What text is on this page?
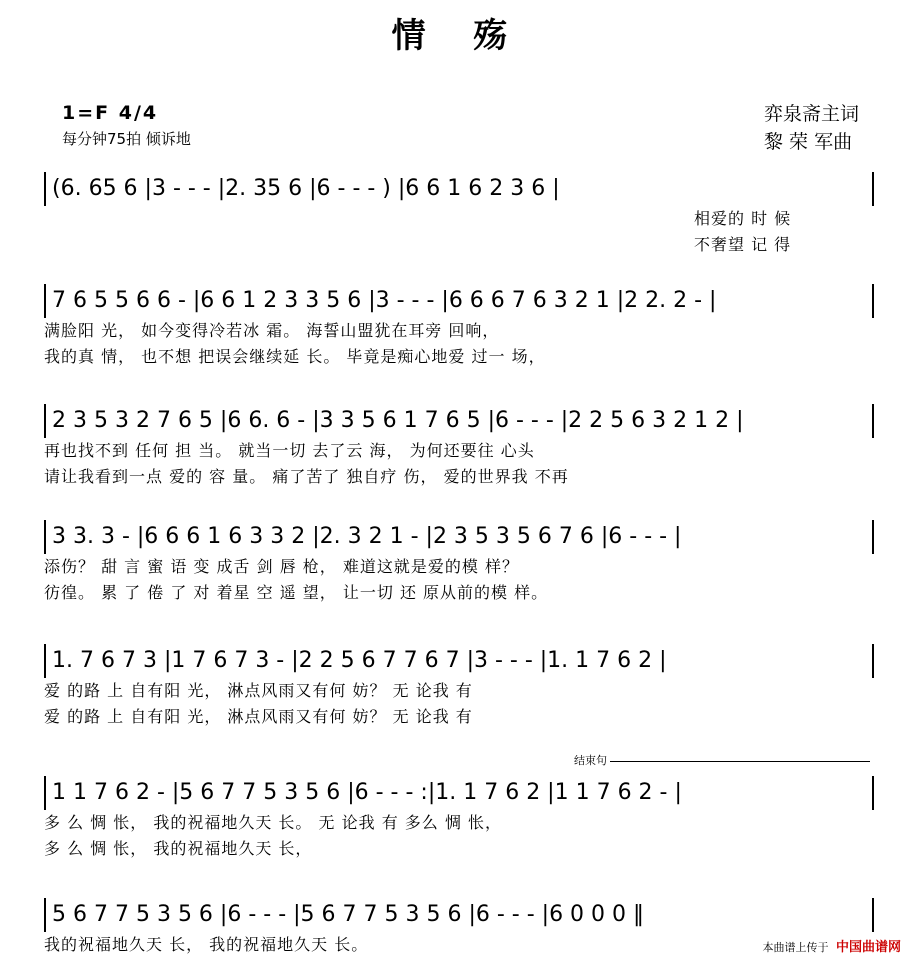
情 殇
1=F 4/4
每分钟75拍 倾诉地
弈泉斋主词
黎 荣 军曲
(6. 65 6 |3 - - - |2. 35 6 |6 - - - ) |6 6 1 6 2 3 6 |
相爱的 时 候
不奢望 记 得
7 6 5 5 6 6 - |6 6 1 2 3 3 5 6 |3 - - - |6 6 6 7 6 3 2 1 |2 2. 2 - |
满脸阳 光， 如今变得冷若冰 霜。 海誓山盟犹在耳旁 回响，
我的真 情， 也不想 把误会继续延 长。 毕竟是痴心地爱 过一 场，
2 3 5 3 2 7 6 5 |6 6. 6 - |3 3 5 6 1 7 6 5 |6 - - - |2 2 5 6 3 2 1 2 |
再也找不到 任何 担 当。 就当一切 去了云 海， 为何还要往 心头
请让我看到一点 爱的 容 量。 痛了苦了 独自疗 伤， 爱的世界我 不再
3 3. 3 - |6 6 6 1 6 3 3 2 |2. 3 2 1 - |2 3 5 3 5 6 7 6 |6 - - - |
添伤？ 甜 言 蜜 语 变 成舌 剑 唇 枪， 难道这就是爱的模 样？
彷徨。 累 了 倦 了 对 着星 空 遥 望， 让一切 还 原从前的模 样。
1. 7 6 7 3 |1 7 6 7 3 - |2 2 5 6 7 7 6 7 |3 - - - |1. 1 7 6 2 |
爱 的路 上 自有阳 光， 淋点风雨又有何 妨？ 无 论我 有
爱 的路 上 自有阳 光， 淋点风雨又有何 妨？ 无 论我 有
结束句
1 1 7 6 2 - |5 6 7 7 5 3 5 6 |6 - - - :|1. 1 7 6 2 |1 1 7 6 2 - |
多 么 惆 怅， 我的祝福地久天 长。 无 论我 有 多么 惆 怅，
多 么 惆 怅， 我的祝福地久天 长，
5 6 7 7 5 3 5 6 |6 - - - |5 6 7 7 5 3 5 6 |6 - - - |6 0 0 0 ‖
我的祝福地久天 长， 我的祝福地久天 长。	本曲谱上传于 中国曲谱网
